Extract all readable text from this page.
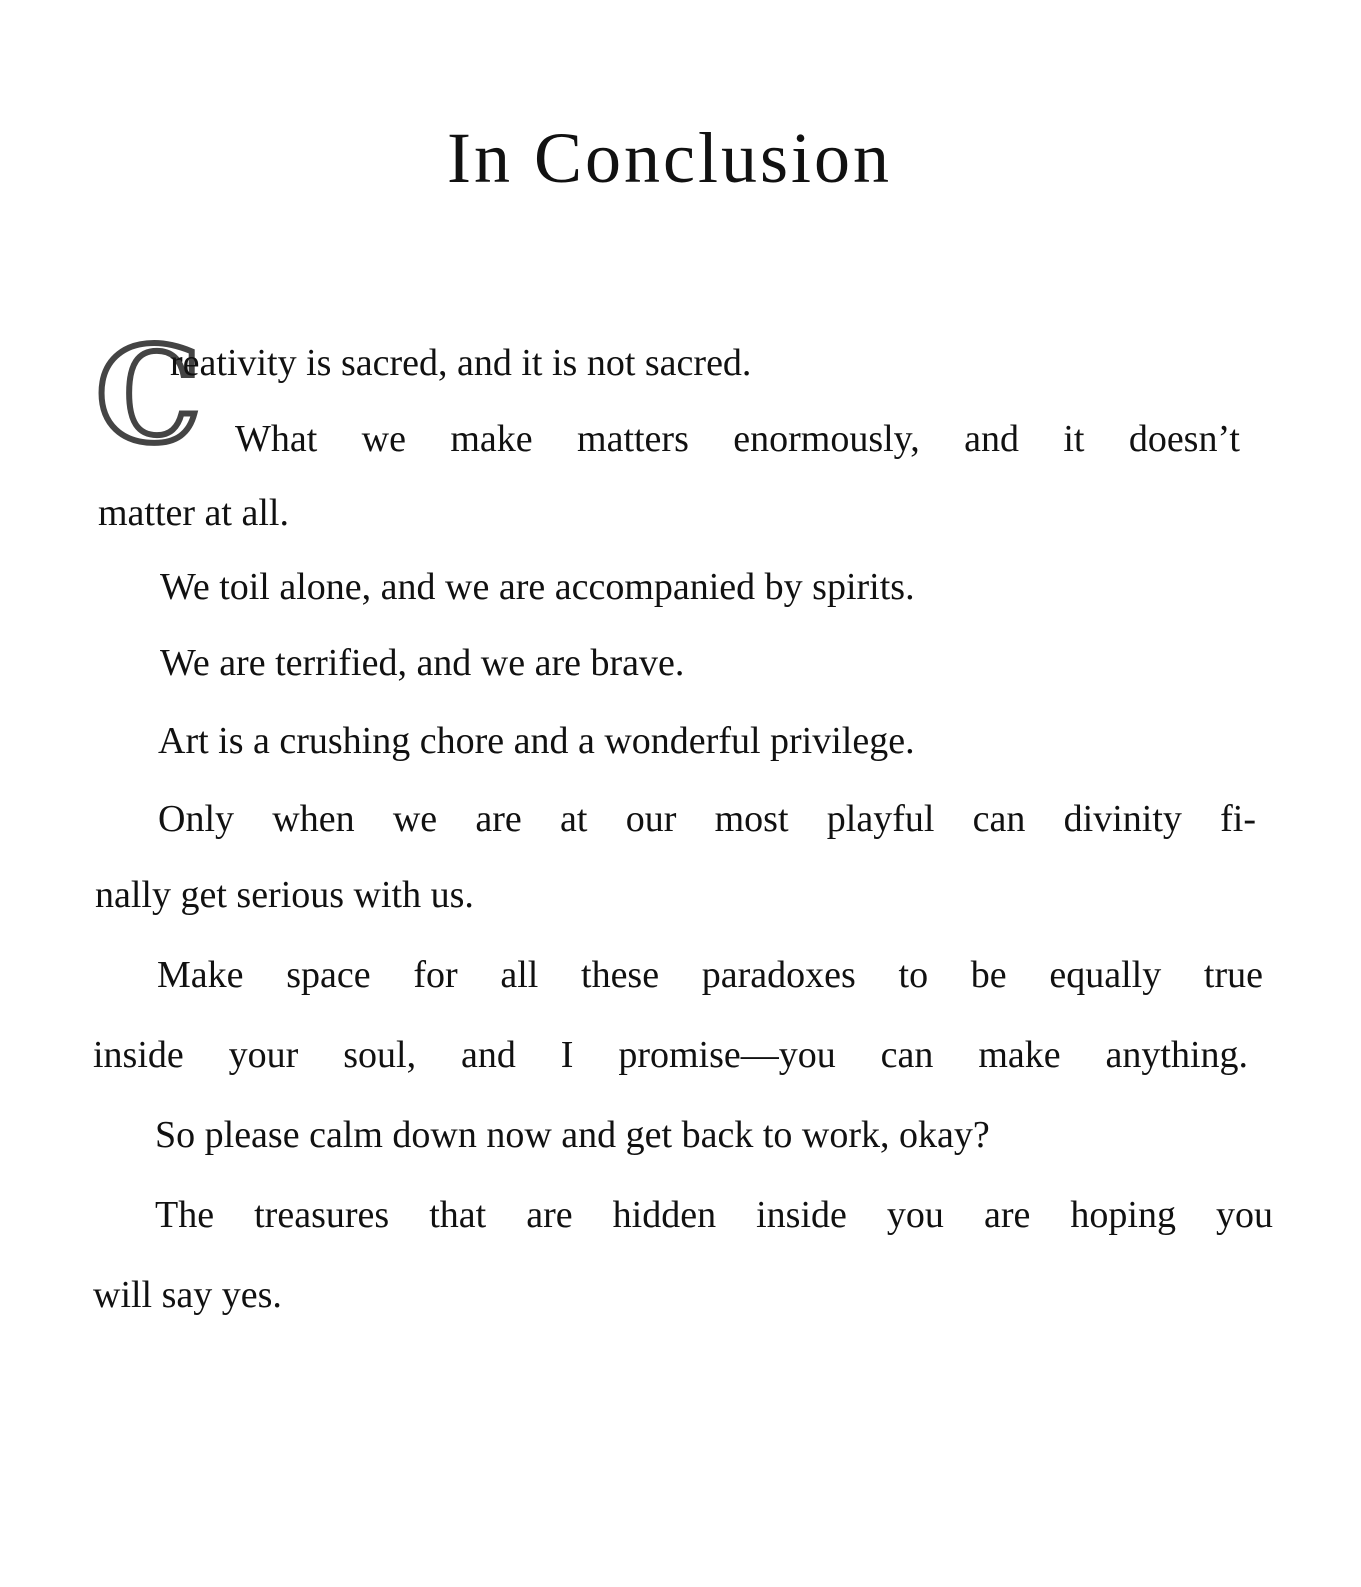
In Conclusion
C
reativity is sacred, and it is not sacred.
What we make matters enormously, and it doesn’t
matter at all.
We toil alone, and we are accompanied by spirits.
We are terrified, and we are brave.
Art is a crushing chore and a wonderful privilege.
Only when we are at our most playful can divinity fi-
nally get serious with us.
Make space for all these paradoxes to be equally true
inside your soul, and I promise—you can make anything.
So please calm down now and get back to work, okay?
The treasures that are hidden inside you are hoping you
will say yes.
